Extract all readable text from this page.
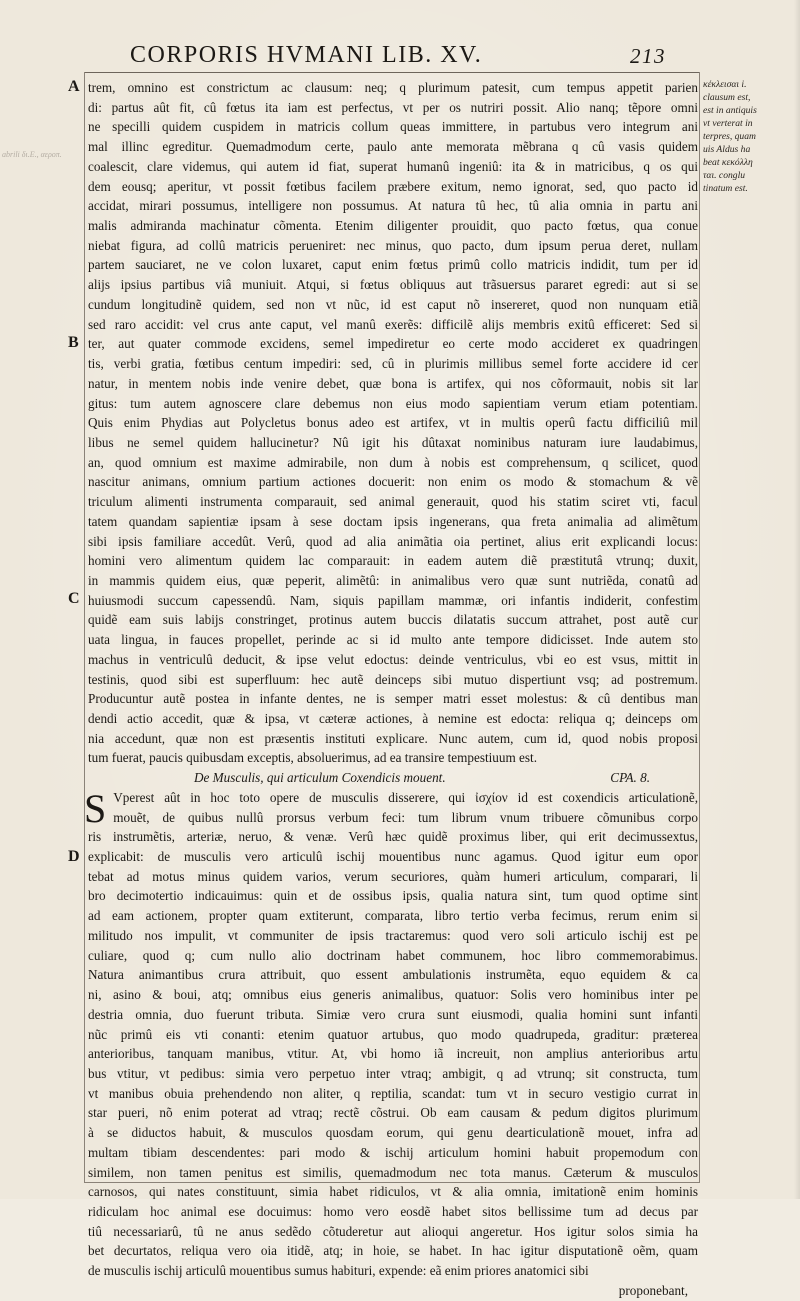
CORPORIS HVMANI LIB. XV.	213
abrili δι.Ε., αεροπ.
κέκλεισαι i.
clausum est,
est in antiquis
vt verterat in
terpres, quam
uis Aldus ha
beat κεκόλλη
ται. conglu
tinatum est.
A
B
C
D
trem, omnino est constrictum ac clausum: neq; q plurimum patesit, cum tempus appetit parien
di: partus aût fit, cû fœtus ita iam est perfectus, vt per os nutriri possit. Alio nanq; tẽpore omni
ne specilli quidem cuspidem in matricis collum queas immittere, in partubus vero integrum ani
mal illinc egreditur. Quemadmodum certe, paulo ante memorata mẽbrana q cû vasis quidem
coalescit, clare videmus, qui autem id fiat, superat humanû ingeniû: ita & in matricibus, q os qui
dem eousq; aperitur, vt possit fœtibus facilem præbere exitum, nemo ignorat, sed, quo pacto id
accidat, mirari possumus, intelligere non possumus. At natura tû hec, tû alia omnia in partu ani
malis admiranda machinatur cõmenta. Etenim diligenter prouidit, quo pacto fœtus, qua conue
niebat figura, ad collû matricis perueniret: nec minus, quo pacto, dum ipsum perua deret, nullam
partem sauciaret, ne ve colon luxaret, caput enim fœtus primû collo matricis indidit, tum per id
alijs ipsius partibus viâ muniuit. Atqui, si fœtus obliquus aut trãsuersus pararet egredi: aut si se
cundum longitudinẽ quidem, sed non vt nũc, id est caput nõ insereret, quod non nunquam etiã
sed raro accidit: vel crus ante caput, vel manû exerẽs: difficilẽ alijs membris exitû efficeret: Sed si
ter, aut quater commode excidens, semel impediretur eo certe modo accideret ex quadringen
tis, verbi gratia, fœtibus centum impediri: sed, cû in plurimis millibus semel forte accidere id cer
natur, in mentem nobis inde venire debet, quæ bona is artifex, qui nos cõformauit, nobis sit lar
gitus: tum autem agnoscere clare debemus non eius modo sapientiam verum etiam potentiam.
Quis enim Phydias aut Polycletus bonus adeo est artifex, vt in multis operû factu difficiliû mil
libus ne semel quidem hallucinetur? Nû igit his dûtaxat nominibus naturam iure laudabimus,
an, quod omnium est maxime admirabile, non dum à nobis est comprehensum, q scilicet, quod
nascitur animans, omnium partium actiones docuerit: non enim os modo & stomachum & vẽ
triculum alimenti instrumenta comparauit, sed animal generauit, quod his statim sciret vti, facul
tatem quandam sapientiæ ipsam à sese doctam ipsis ingenerans, qua freta animalia ad alimẽtum
sibi ipsis familiare accedût. Verû, quod ad alia animãtia oia pertinet, alius erit explicandi locus:
homini vero alimentum quidem lac comparauit: in eadem autem diẽ præstitutâ vtrunq; duxit,
in mammis quidem eius, quæ peperit, alimẽtû: in animalibus vero quæ sunt nutriẽda, conatû ad
huiusmodi succum capessendû. Nam, siquis papillam mammæ, ori infantis indiderit, confestim
quidẽ eam suis labijs constringet, protinus autem buccis dilatatis succum attrahet, post autẽ cur
uata lingua, in fauces propellet, perinde ac si id multo ante tempore didicisset. Inde autem sto
machus in ventriculû deducit, & ipse velut edoctus: deinde ventriculus, vbi eo est vsus, mittit in
testinis, quod sibi est superfluum: hec autẽ deinceps sibi mutuo dispertiunt vsq; ad postremum.
Producuntur autẽ postea in infante dentes, ne is semper matri esset molestus: & cû dentibus man
dendi actio accedit, quæ & ipsa, vt cæteræ actiones, à nemine est edocta: reliqua q; deinceps om
nia accedunt, quæ non est præsentis instituti explicare. Nunc autem, cum id, quod nobis proposi
tum fuerat, paucis quibusdam exceptis, absoluerimus, ad ea transire tempestiuum est.
De Musculis, qui articulum Coxendicis mouent.	CPA. 8.
S Vperest aût in hoc toto opere de musculis disserere, qui ἰσχίον id est coxendicis articulationẽ,
mouẽt, de quibus nullû prorsus verbum feci: tum librum vnum tribuere cõmunibus corpo
ris instrumẽtis, arteriæ, neruo, & venæ. Verû hæc quidẽ proximus liber, qui erit decimussextus,
explicabit: de musculis vero articulû ischij mouentibus nunc agamus. Quod igitur eum opor
tebat ad motus minus quidem varios, verum securiores, quàm humeri articulum, comparari, li
bro decimotertio indicauimus: quin et de ossibus ipsis, qualia natura sint, tum quod optime sint
ad eam actionem, propter quam extiterunt, comparata, libro tertio verba fecimus, rerum enim si
militudo nos impulit, vt communiter de ipsis tractaremus: quod vero soli articulo ischij est pe
culiare, quod q; cum nullo alio doctrinam habet communem, hoc libro commemorabimus.
Natura animantibus crura attribuit, quo essent ambulationis instrumẽta, equo equidem & ca
ni, asino & boui, atq; omnibus eius generis animalibus, quatuor: Solis vero hominibus inter pe
destria omnia, duo fuerunt tributa. Simiæ vero crura sunt eiusmodi, qualia homini sunt infanti
nũc primû eis vti conanti: etenim quatuor artubus, quo modo quadrupeda, graditur: præterea
anterioribus, tanquam manibus, vtitur. At, vbi homo iã increuit, non amplius anterioribus artu
bus vtitur, vt pedibus: simia vero perpetuo inter vtraq; ambigit, q ad vtrunq; sit constructa, tum
vt manibus obuia prehendendo non aliter, q reptilia, scandat: tum vt in securo vestigio currat in
star pueri, nõ enim poterat ad vtraq; rectẽ cõstrui. Ob eam causam & pedum digitos plurimum
à se diductos habuit, & musculos quosdam eorum, qui genu dearticulationẽ mouet, infra ad
multam tibiam descendentes: pari modo & ischij articulum homini habuit propemodum con
similem, non tamen penitus est similis, quemadmodum nec tota manus. Cæterum & musculos
carnosos, qui nates constituunt, simia habet ridiculos, vt & alia omnia, imitationẽ enim hominis
ridiculam hoc animal ese docuimus: homo vero eosdẽ habet sitos bellissime tum ad decus par
tiû necessariarû, tû ne anus sedẽdo cõtuderetur aut alioqui angeretur. Hos igitur solos simia ha
bet decurtatos, reliqua vero oia itidẽ, atq; in hoie, se habet. In hac igitur disputationẽ oẽm, quam
de musculis ischij articulû mouentibus sumus habituri, expende: eã enim priores anatomici sibi
proponebant,
